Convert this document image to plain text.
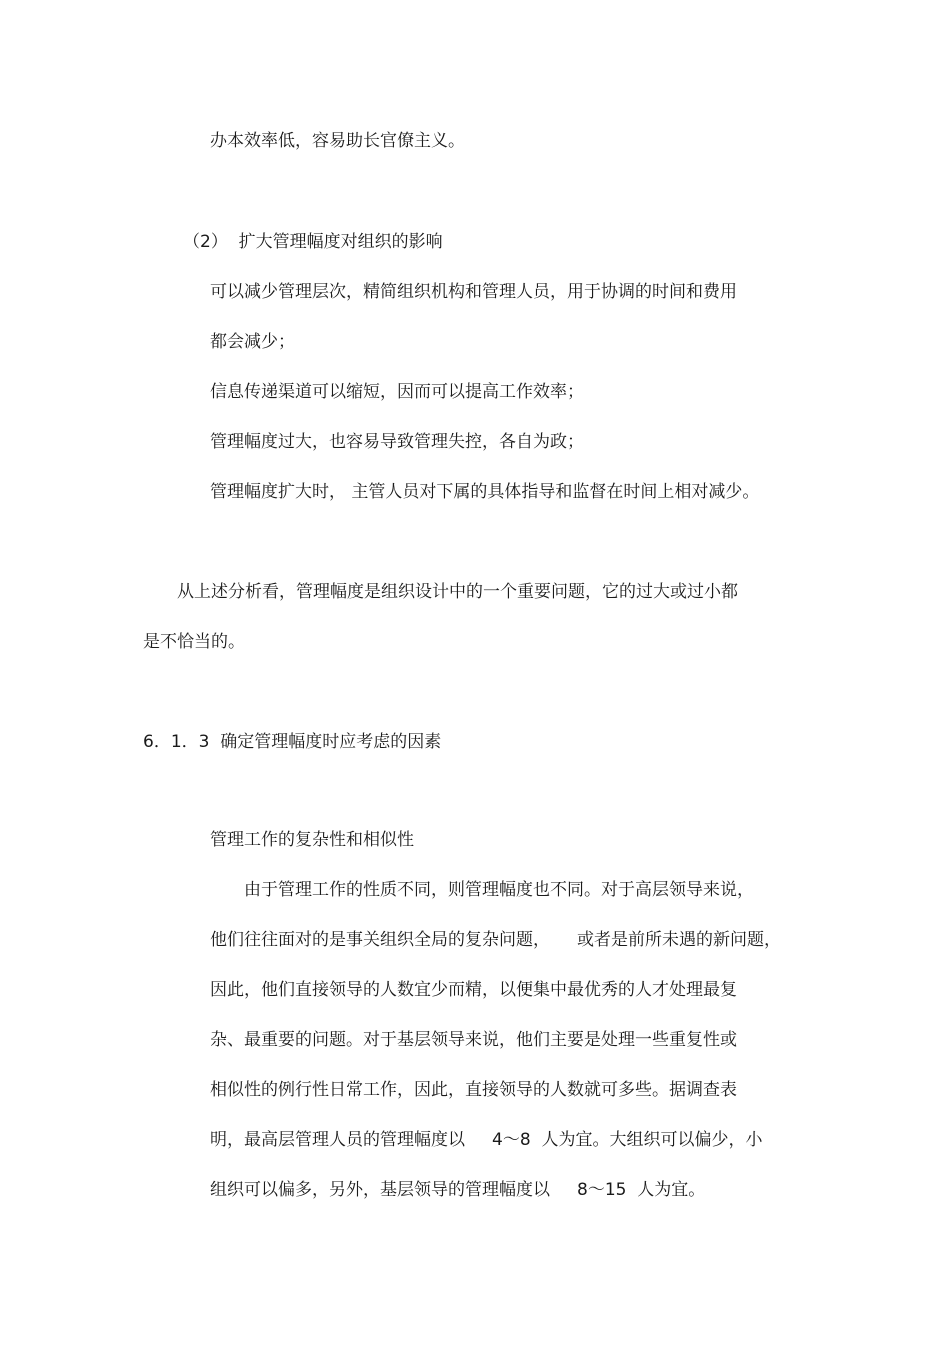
办本效率低，容易助长官僚主义。

（2）  扩大管理幅度对组织的影响

可以减少管理层次，精简组织机构和管理人员，用于协调的时间和费用

都会减少；

信息传递渠道可以缩短，因而可以提高工作效率；

管理幅度过大，也容易导致管理失控，各自为政；

管理幅度扩大时， 主管人员对下属的具体指导和监督在时间上相对减少。

从上述分析看，管理幅度是组织设计中的一个重要问题，它的过大或过小都

是不恰当的。

6．1．3  确定管理幅度时应考虑的因素

管理工作的复杂性和相似性

由于管理工作的性质不同，则管理幅度也不同。对于高层领导来说，

他们往往面对的是事关组织全局的复杂问题，     或者是前所未遇的新问题，

因此，他们直接领导的人数宜少而精，以便集中最优秀的人才处理最复

杂、最重要的问题。对于基层领导来说，他们主要是处理一些重复性或

相似性的例行性日常工作，因此，直接领导的人数就可多些。据调查表

明，最高层管理人员的管理幅度以     4～8  人为宜。大组织可以偏少，小

组织可以偏多，另外，基层领导的管理幅度以     8～15  人为宜。
